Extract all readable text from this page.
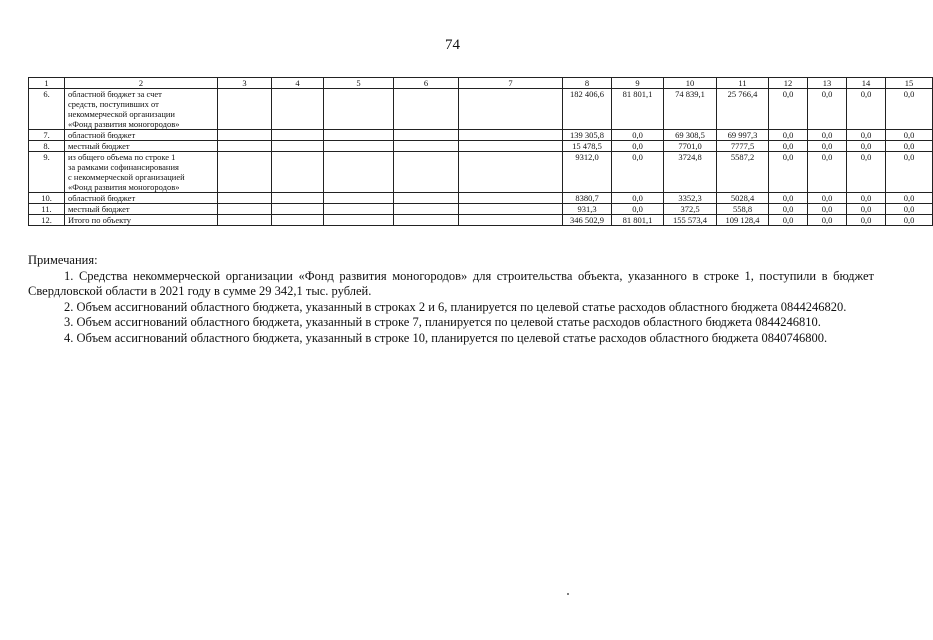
74
1	2	3	4	5	6	7	8	9	10	11	12	13	14	15
6.	областной бюджет за счет
средств, поступивших от
некоммерческой организации
«Фонд развития моногородов»						182 406,6	81 801,1	74 839,1	25 766,4	0,0	0,0	0,0	0,0
7.	областной бюджет						139 305,8	0,0	69 308,5	69 997,3	0,0	0,0	0,0	0,0
8.	местный бюджет						15 478,5	0,0	7701,0	7777,5	0,0	0,0	0,0	0,0
9.	из общего объема по строке 1
за рамками софинансирования
с некоммерческой организацией
«Фонд развития моногородов»						9312,0	0,0	3724,8	5587,2	0,0	0,0	0,0	0,0
10.	областной бюджет						8380,7	0,0	3352,3	5028,4	0,0	0,0	0,0	0,0
11.	местный бюджет						931,3	0,0	372,5	558,8	0,0	0,0	0,0	0,0
12.	Итого по объекту						346 502,9	81 801,1	155 573,4	109 128,4	0,0	0,0	0,0	0,0

Примечания:

1. Средства некоммерческой организации «Фонд развития моногородов» для строительства объекта, указанного в строке 1, поступили в бюджет Свердловской области в 2021 году в сумме 29 342,1 тыс. рублей.

2. Объем ассигнований областного бюджета, указанный в строках 2 и 6, планируется по целевой статье расходов областного бюджета 0844246820.

3. Объем ассигнований областного бюджета, указанный в строке 7, планируется по целевой статье расходов областного бюджета 0844246810.

4. Объем ассигнований областного бюджета, указанный в строке 10, планируется по целевой статье расходов областного бюджета 0840746800.
